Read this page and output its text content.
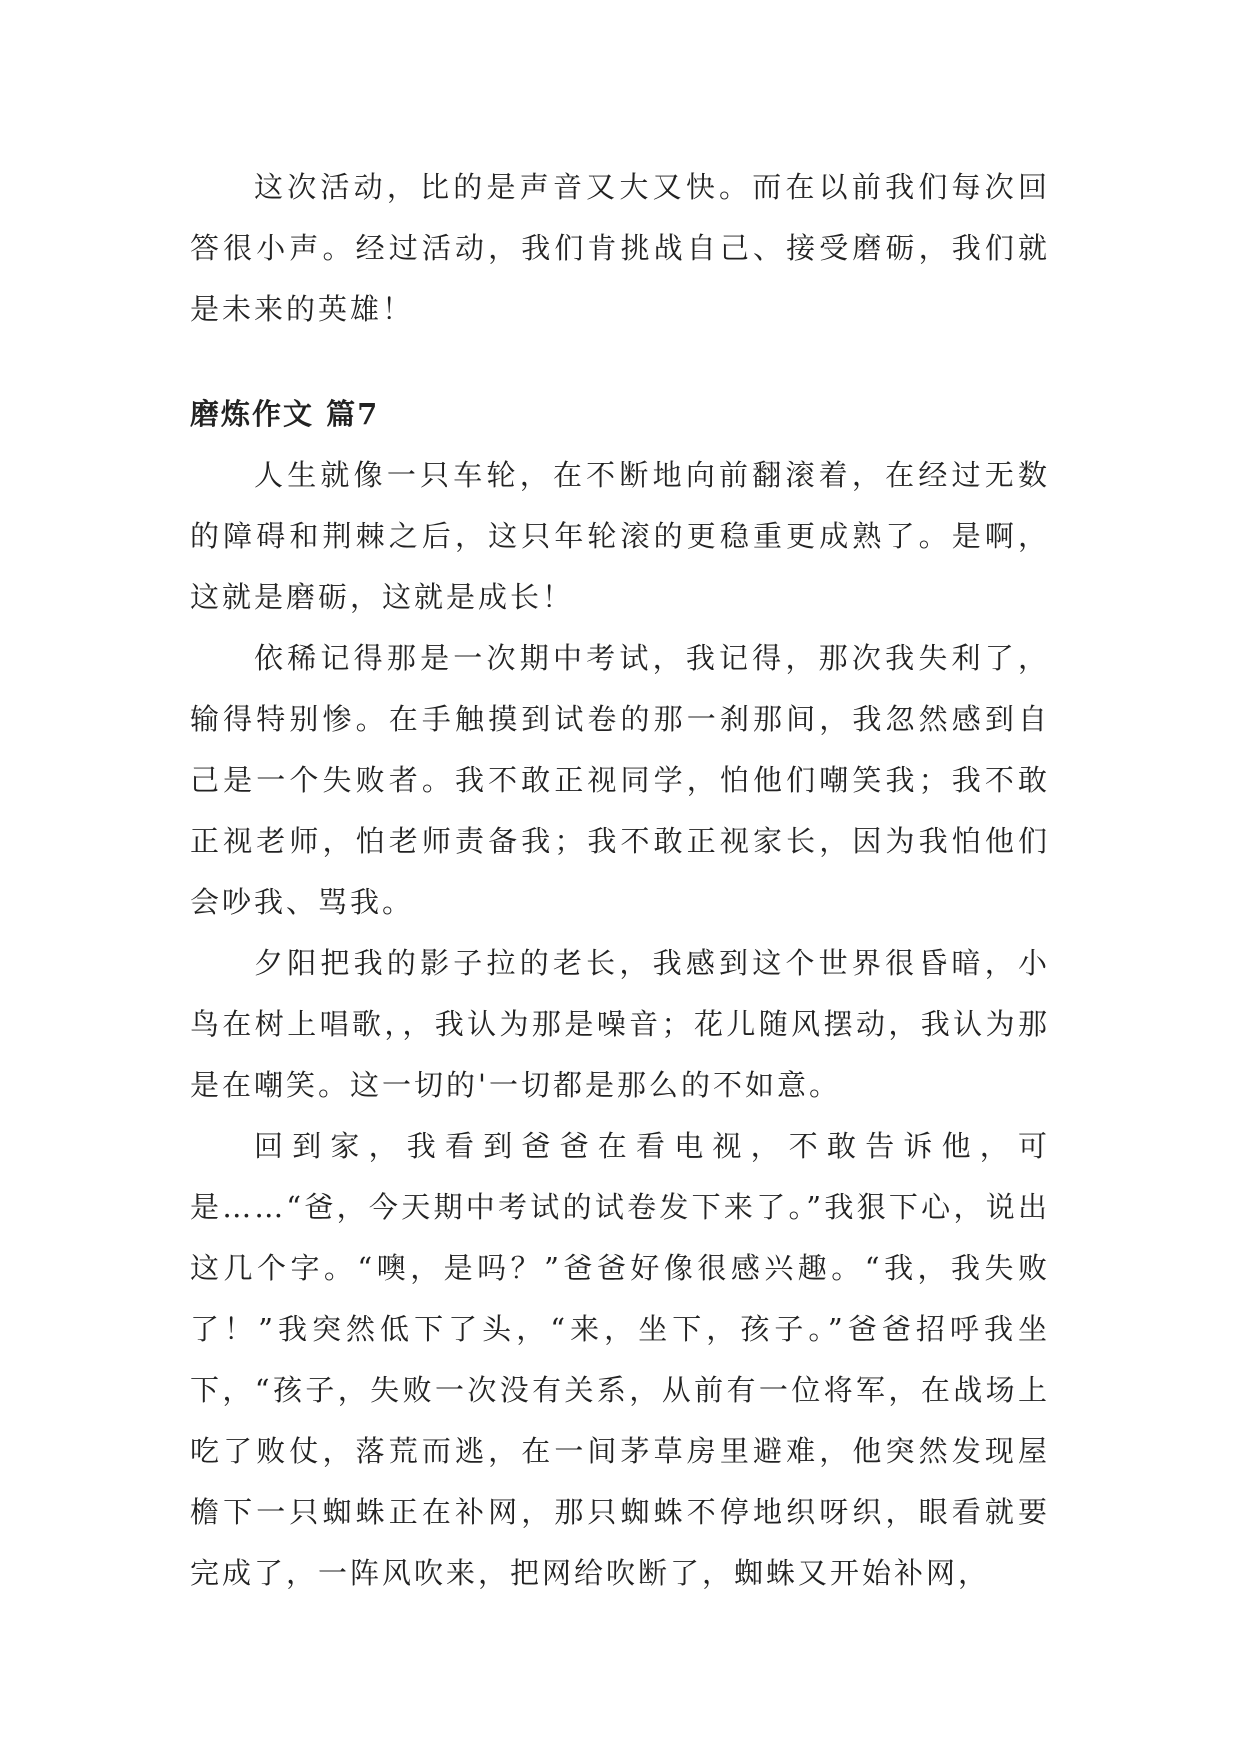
这次活动，比的是声音又大又快。而在以前我们每次回答很小声。经过活动，我们肯挑战自己、接受磨砺，我们就是未来的英雄！

磨炼作文 篇7

人生就像一只车轮，在不断地向前翻滚着，在经过无数的障碍和荆棘之后，这只年轮滚的更稳重更成熟了。是啊，这就是磨砺，这就是成长！

依稀记得那是一次期中考试，我记得，那次我失利了，输得特别惨。在手触摸到试卷的那一刹那间，我忽然感到自己是一个失败者。我不敢正视同学，怕他们嘲笑我；我不敢正视老师，怕老师责备我；我不敢正视家长，因为我怕他们会吵我、骂我。

夕阳把我的影子拉的老长，我感到这个世界很昏暗，小鸟在树上唱歌，，我认为那是噪音；花儿随风摆动，我认为那是在嘲笑。这一切的'一切都是那么的不如意。

回到家，我看到爸爸在看电视，不敢告诉他，可是……“爸，今天期中考试的试卷发下来了。”我狠下心，说出这几个字。“噢，是吗？”爸爸好像很感兴趣。“我，我失败了！”我突然低下了头，“来，坐下，孩子。”爸爸招呼我坐下，“孩子，失败一次没有关系，从前有一位将军，在战场上吃了败仗，落荒而逃，在一间茅草房里避难，他突然发现屋檐下一只蜘蛛正在补网，那只蜘蛛不停地织呀织，眼看就要完成了，一阵风吹来，把网给吹断了，蜘蛛又开始补网，
